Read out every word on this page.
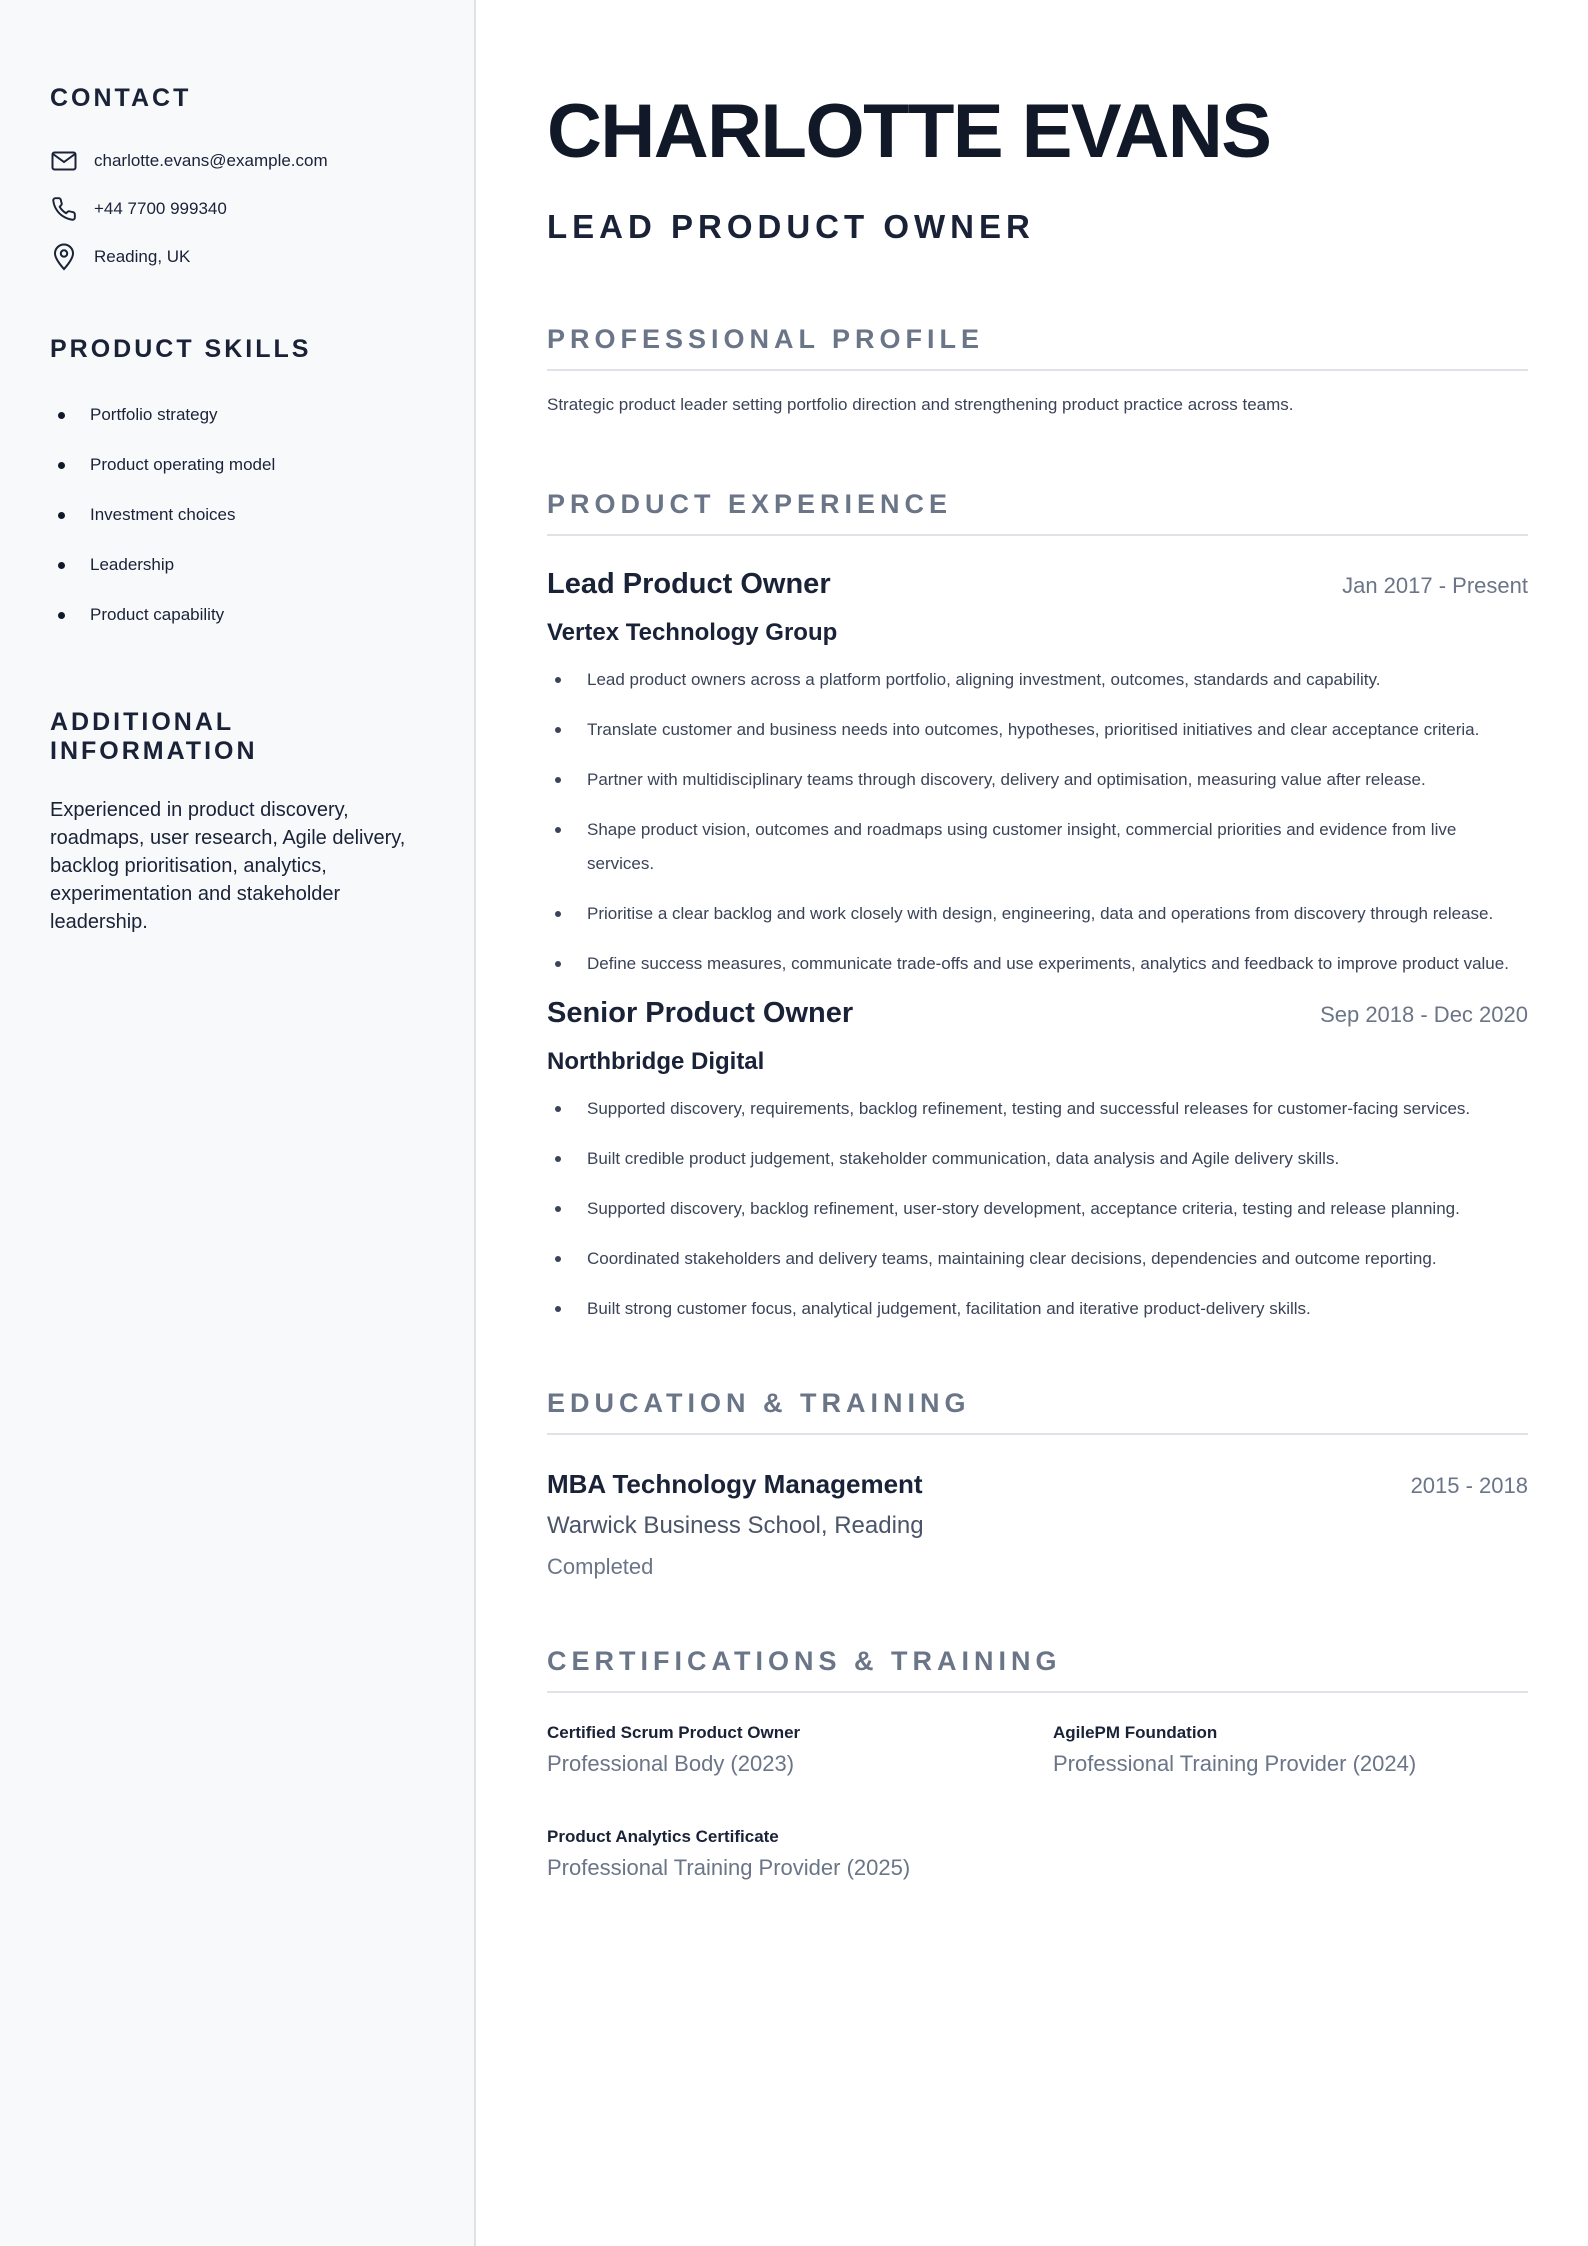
CONTACT
charlotte.evans@example.com
+44 7700 999340
Reading, UK
PRODUCT SKILLS
Portfolio strategy
Product operating model
Investment choices
Leadership
Product capability
ADDITIONAL INFORMATION

Experienced in product discovery, roadmaps, user research, Agile delivery, backlog prioritisation, analytics, experimentation and stakeholder leadership.

CHARLOTTE EVANS
LEAD PRODUCT OWNER
PROFESSIONAL PROFILE

Strategic product leader setting portfolio direction and strengthening product practice across teams.

PRODUCT EXPERIENCE
Lead Product Owner	Jan 2017 - Present
Vertex Technology Group
Lead product owners across a platform portfolio, aligning investment, outcomes, standards and capability.
Translate customer and business needs into outcomes, hypotheses, prioritised initiatives and clear acceptance criteria.
Partner with multidisciplinary teams through discovery, delivery and optimisation, measuring value after release.
Shape product vision, outcomes and roadmaps using customer insight, commercial priorities and evidence from live services.
Prioritise a clear backlog and work closely with design, engineering, data and operations from discovery through release.
Define success measures, communicate trade-offs and use experiments, analytics and feedback to improve product value.
Senior Product Owner	Sep 2018 - Dec 2020
Northbridge Digital
Supported discovery, requirements, backlog refinement, testing and successful releases for customer-facing services.
Built credible product judgement, stakeholder communication, data analysis and Agile delivery skills.
Supported discovery, backlog refinement, user-story development, acceptance criteria, testing and release planning.
Coordinated stakeholders and delivery teams, maintaining clear decisions, dependencies and outcome reporting.
Built strong customer focus, analytical judgement, facilitation and iterative product-delivery skills.
EDUCATION & TRAINING
MBA Technology Management	2015 - 2018
Warwick Business School, Reading
Completed
CERTIFICATIONS & TRAINING
Certified Scrum Product Owner
Professional Body (2023)
AgilePM Foundation
Professional Training Provider (2024)
Product Analytics Certificate
Professional Training Provider (2025)
